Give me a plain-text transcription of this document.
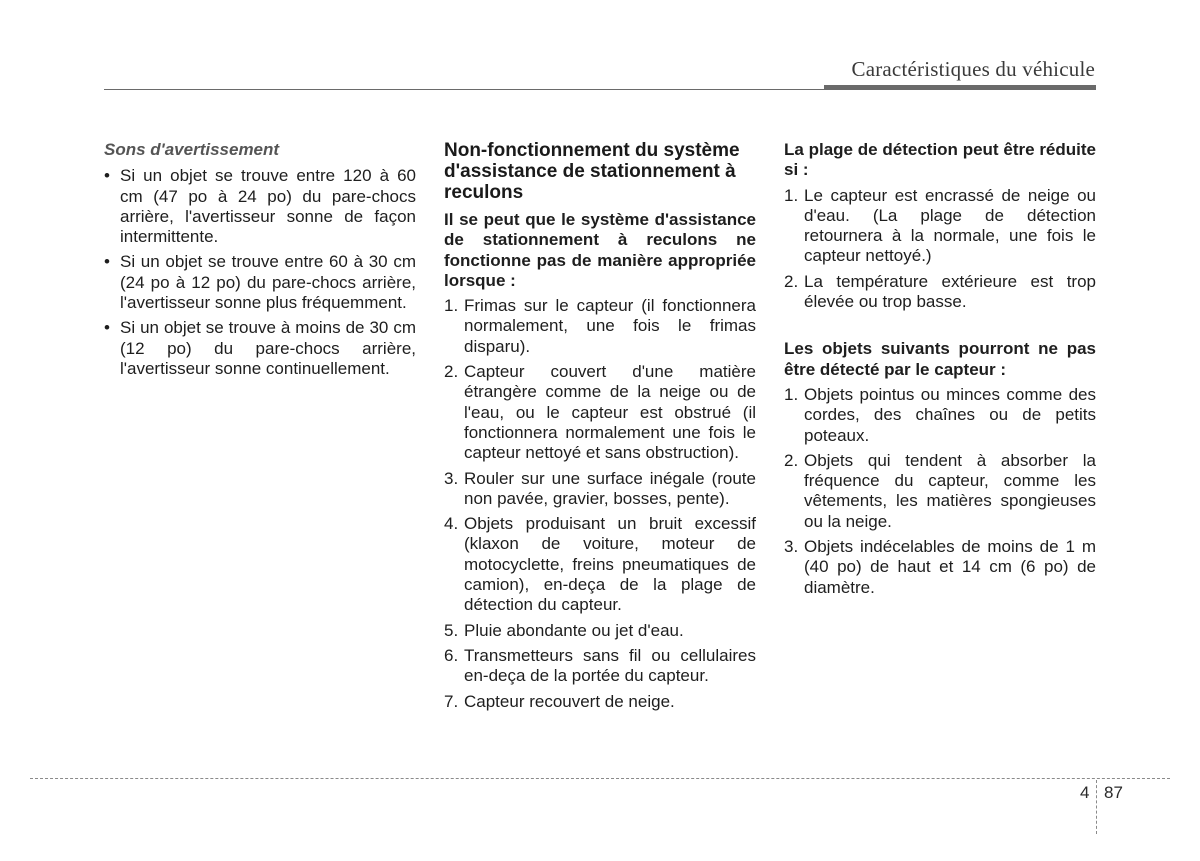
Caractéristiques du véhicule
Sons d'avertissement
• Si un objet se trouve entre 120 à 60 cm (47 po à 24 po) du pare-chocs arrière, l'avertisseur sonne de façon intermittente.
• Si un objet se trouve entre 60 à 30 cm (24 po à 12 po) du pare-chocs arrière, l'avertisseur sonne plus fréquemment.
• Si un objet se trouve à moins de 30 cm (12 po) du pare-chocs arrière, l'avertisseur sonne continuellement.
Non-fonctionnement du système d'assistance de stationnement à reculons
Il se peut que le système d'assistance de stationnement à reculons ne fonctionne pas de manière appropriée lorsque :
1. Frimas sur le capteur (il fonctionnera normalement, une fois le frimas disparu).
2. Capteur couvert d'une matière étrangère comme de la neige ou de l'eau, ou le capteur est obstrué (il fonctionnera normalement une fois le capteur nettoyé et sans obstruction).
3. Rouler sur une surface inégale (route non pavée, gravier, bosses, pente).
4. Objets produisant un bruit excessif (klaxon de voiture, moteur de motocyclette, freins pneumatiques de camion), en-deça de la plage de détection du capteur.
5. Pluie abondante ou jet d'eau.
6. Transmetteurs sans fil ou cellulaires en-deça de la portée du capteur.
7. Capteur recouvert de neige.
La plage de détection peut être réduite si :
1. Le capteur est encrassé de neige ou d'eau. (La plage de détection retournera à la normale, une fois le capteur nettoyé.)
2. La température extérieure est trop élevée ou trop basse.
Les objets suivants pourront ne pas être détecté par le capteur :
1. Objets pointus ou minces comme des cordes, des chaînes ou de petits poteaux.
2. Objets qui tendent à absorber la fréquence du capteur, comme les vêtements, les matières spongieuses ou la neige.
3. Objets indécelables de moins de 1 m (40 po) de haut et 14 cm (6 po) de diamètre.
4 87
